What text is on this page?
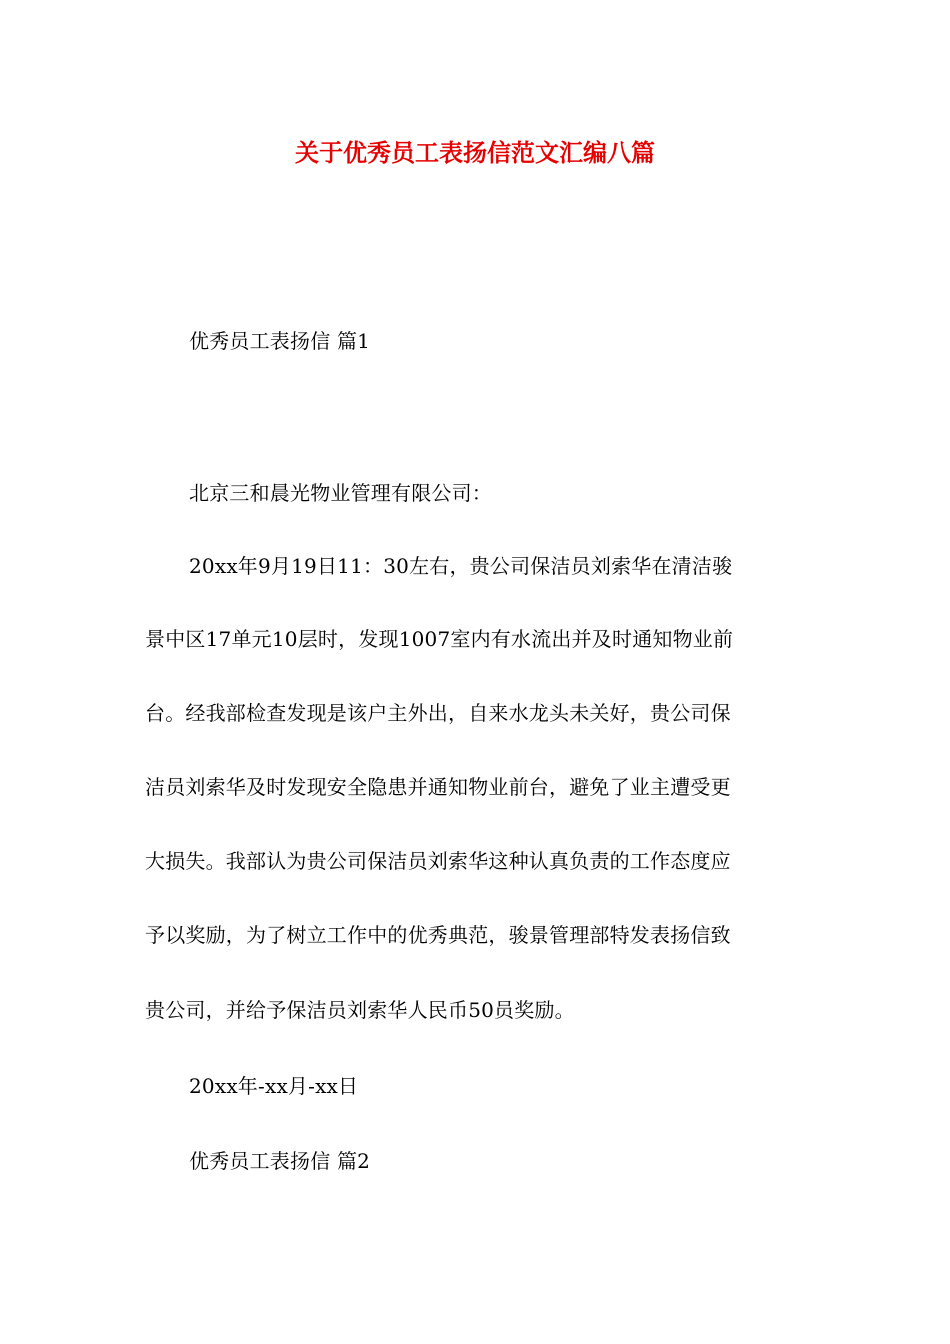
关于优秀员工表扬信范文汇编八篇
优秀员工表扬信 篇1
北京三和晨光物业管理有限公司：
20xx年9月19日11：30左右，贵公司保洁员刘索华在清洁骏
景中区17单元10层时，发现1007室内有水流出并及时通知物业前
台。经我部检查发现是该户主外出，自来水龙头未关好，贵公司保
洁员刘索华及时发现安全隐患并通知物业前台，避免了业主遭受更
大损失。我部认为贵公司保洁员刘索华这种认真负责的工作态度应
予以奖励，为了树立工作中的优秀典范，骏景管理部特发表扬信致
贵公司，并给予保洁员刘索华人民币50员奖励。
20xx年-xx月-xx日
优秀员工表扬信 篇2
